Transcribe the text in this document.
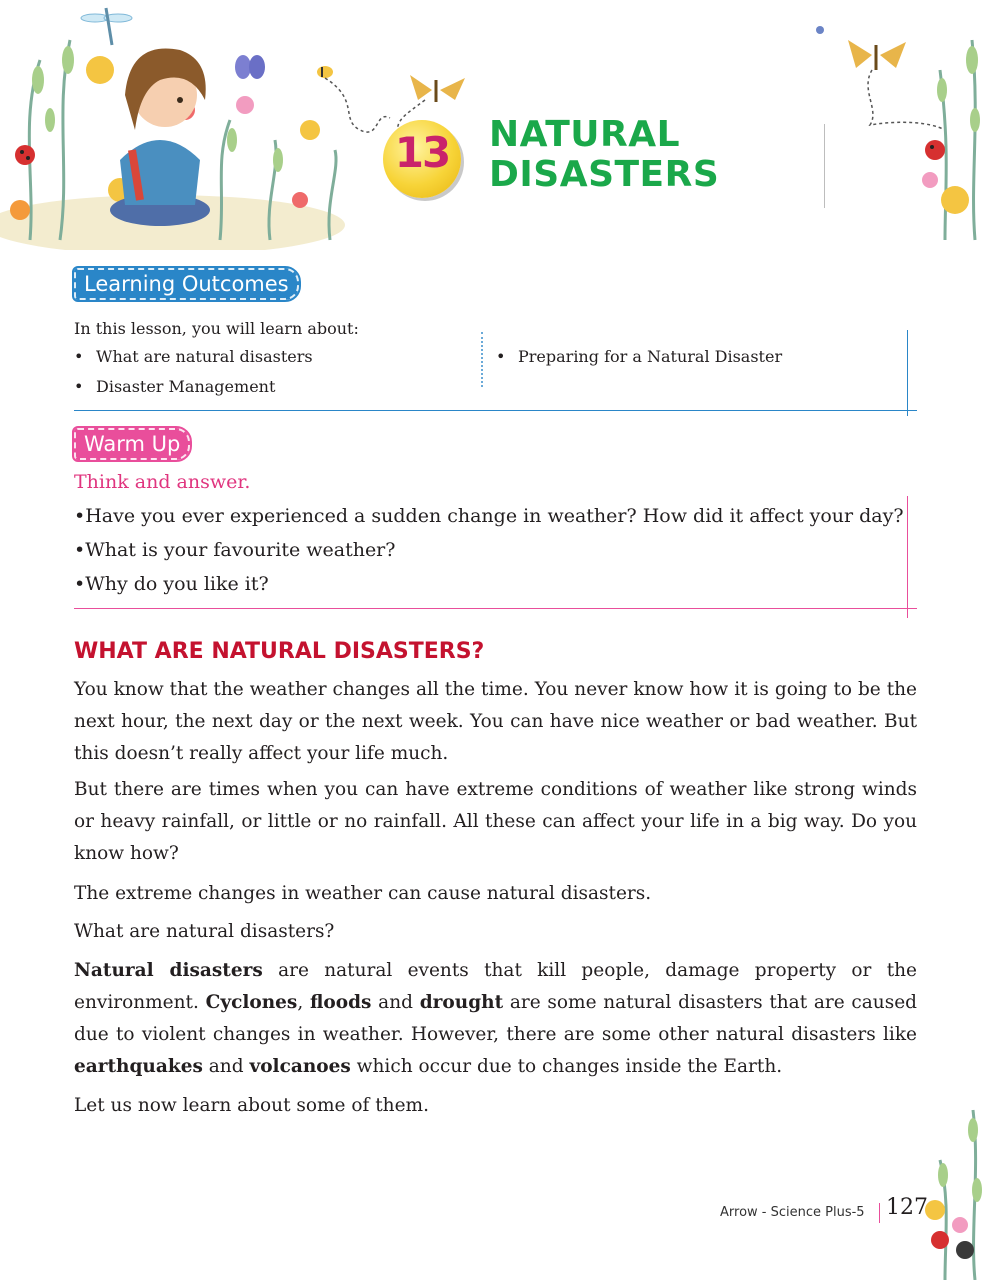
13	NATURAL
DISASTERS
Learning Outcomes
In this lesson, you will learn about:
• What are natural disasters
• Disaster Management
• Preparing for a Natural Disaster
Warm Up
Think and answer.
•Have you ever experienced a sudden change in weather? How did it affect your day?
•What is your favourite weather?
•Why do you like it?
WHAT ARE NATURAL DISASTERS?
You know that the weather changes all the time. You never know how it is going to be the next hour, the next day or the next week. You can have nice weather or bad weather. But this doesn’t really affect your life much.
But there are times when you can have extreme conditions of weather like strong winds or heavy rainfall, or little or no rainfall. All these can affect your life in a big way. Do you know how?
The extreme changes in weather can cause natural disasters.
What are natural disasters?
Natural disasters are natural events that kill people, damage property or the environment. Cyclones, floods and drought are some natural disasters that are caused due to violent changes in weather. However, there are some other natural disasters like earthquakes and volcanoes which occur due to changes inside the Earth.
Let us now learn about some of them.
Arrow - Science Plus-5 127
